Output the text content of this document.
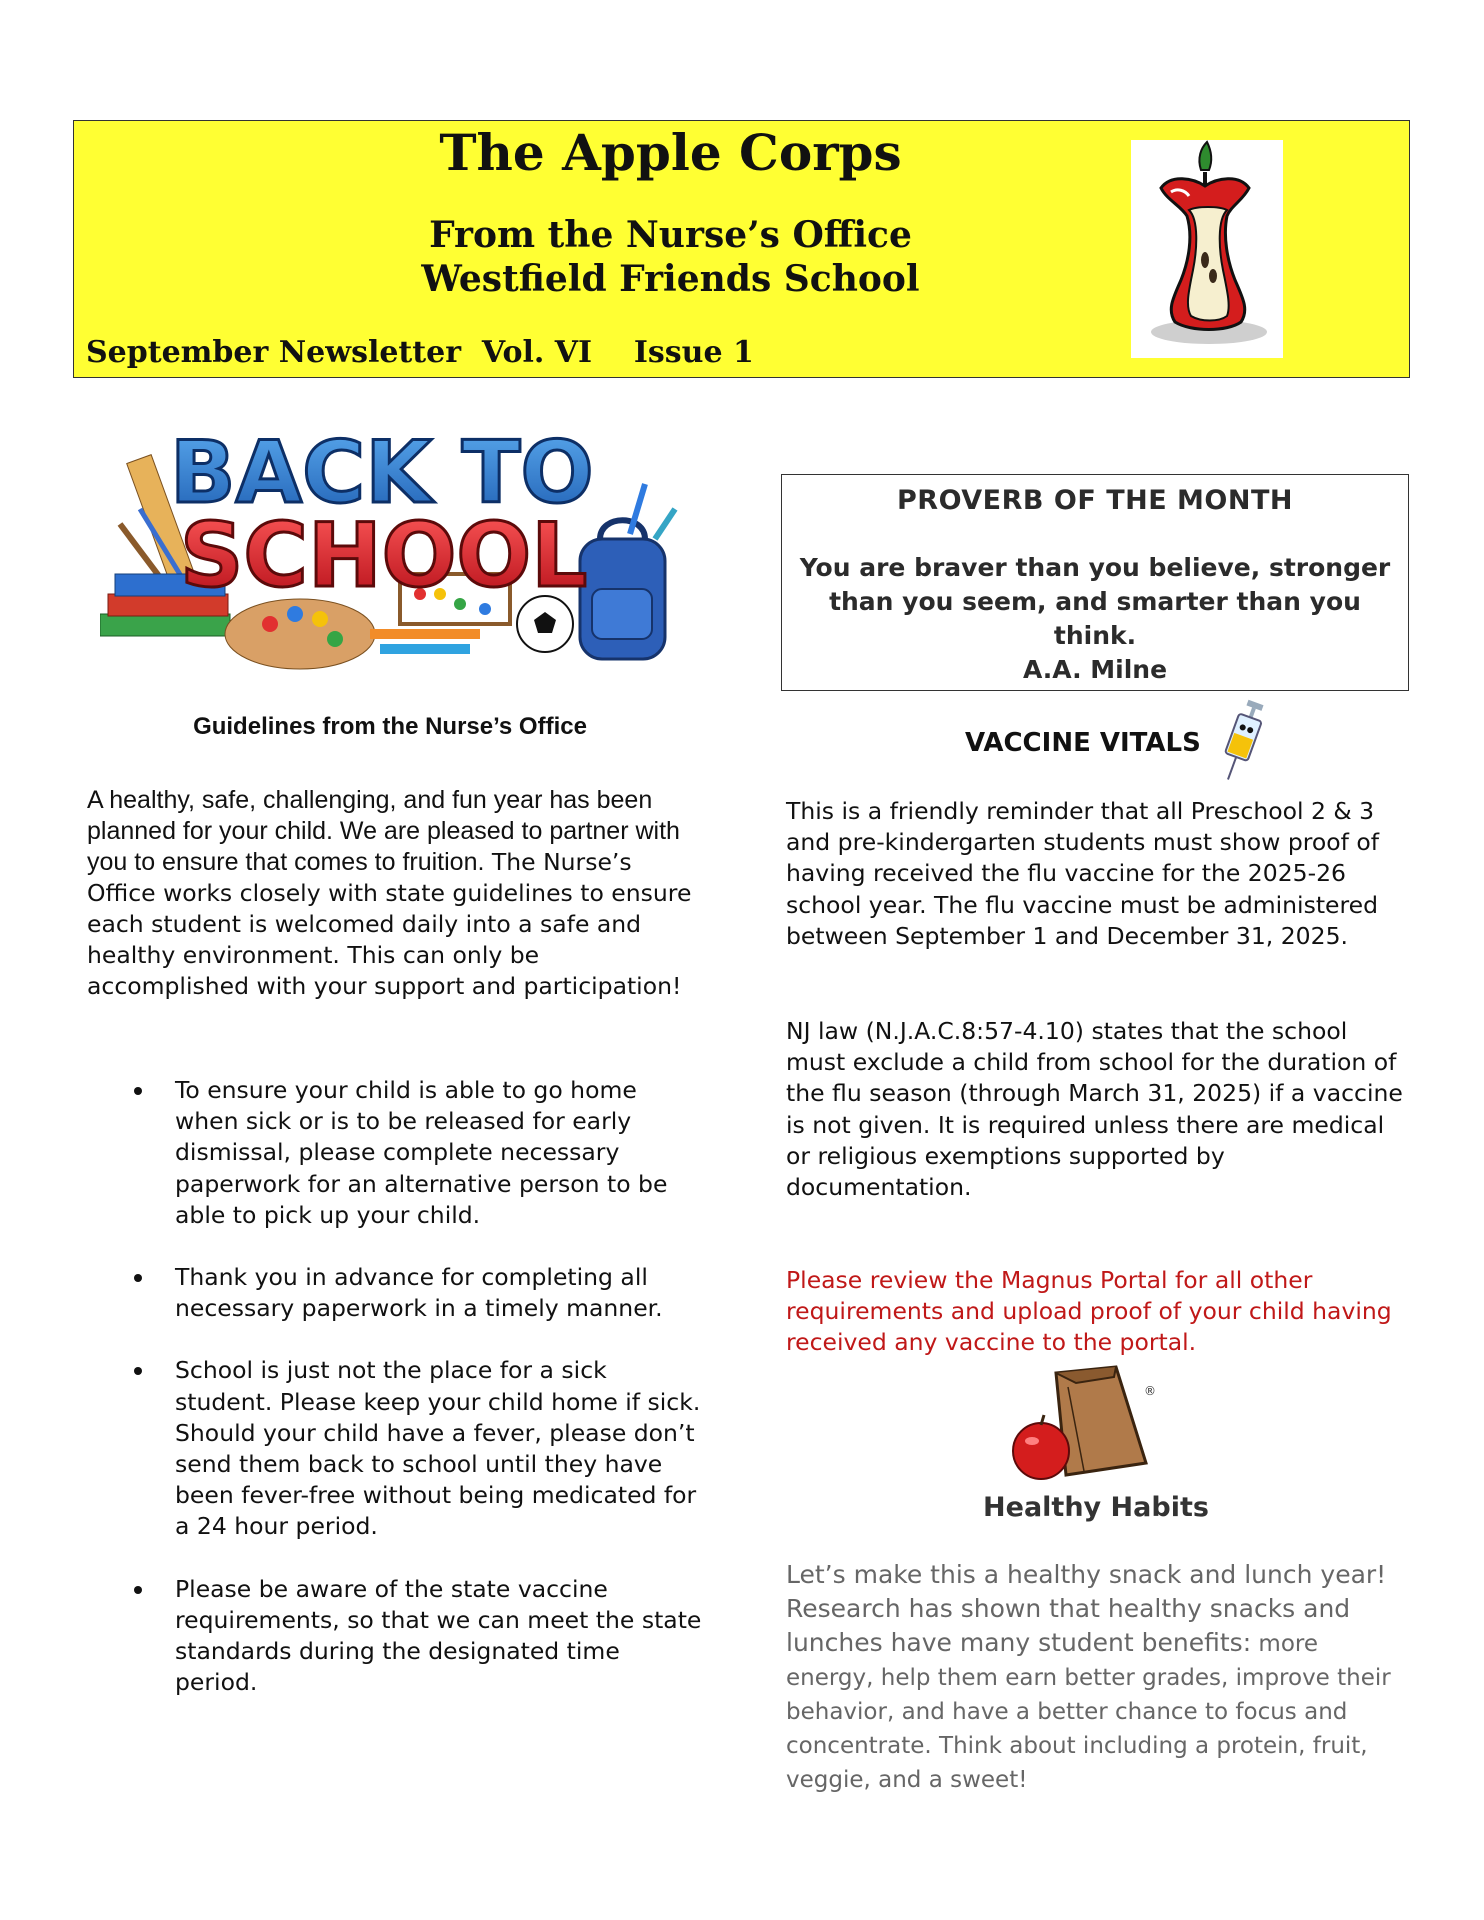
The Apple Corps
From the Nurse’s Office
Westfield Friends School
September Newsletter  Vol. VI    Issue 1
BACK TO
SCHOOL
Guidelines from the Nurse’s Office
A healthy, safe, challenging, and fun year has been planned for your child. We are pleased to partner with you to ensure that comes to fruition. The Nurse’s Office works closely with state guidelines to ensure each student is welcomed daily into a safe and healthy environment. This can only be accomplished with your support and participation!
To ensure your child is able to go home when sick or is to be released for early dismissal, please complete necessary paperwork for an alternative person to be able to pick up your child.
Thank you in advance for completing all necessary paperwork in a timely manner.
School is just not the place for a sick student. Please keep your child home if sick. Should your child have a fever, please don’t send them back to school until they have been fever-free without being medicated for a 24 hour period.
Please be aware of the state vaccine requirements, so that we can meet the state standards during the designated time period.
PROVERB OF THE MONTH
You are braver than you believe, stronger than you seem, and smarter than you think.
A.A. Milne
VACCINE VITALS
This is a friendly reminder that all Preschool 2 & 3 and pre-kindergarten students must show proof of having received the flu vaccine for the 2025-26 school year. The flu vaccine must be administered between September 1 and December 31, 2025.
NJ law (N.J.A.C.8:57-4.10) states that the school must exclude a child from school for the duration of the flu season (through March 31, 2025) if a vaccine is not given. It is required unless there are medical or religious exemptions supported by documentation.
Please review the Magnus Portal for all other requirements and upload proof of your child having received any vaccine to the portal.
®
Healthy Habits
Let’s make this a healthy snack and lunch year! Research has shown that healthy snacks and lunches have many student benefits: more energy, help them earn better grades, improve their behavior, and have a better chance to focus and concentrate. Think about including a protein, fruit, veggie, and a sweet!
